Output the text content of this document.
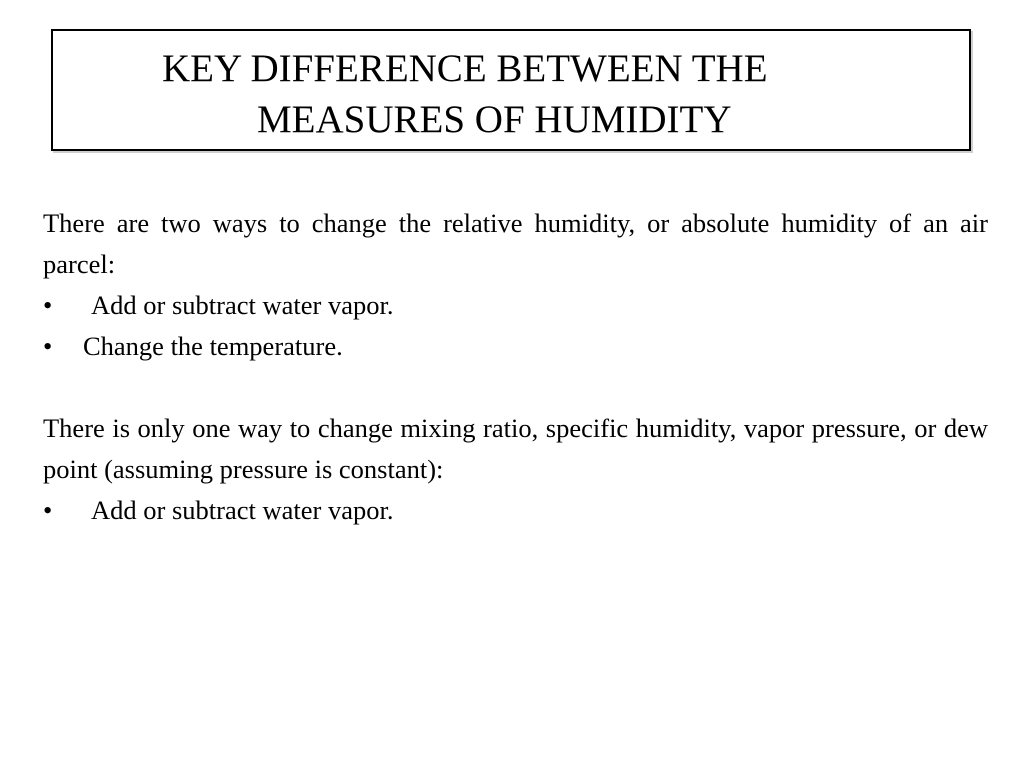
KEY DIFFERENCE BETWEEN THE
MEASURES OF HUMIDITY

There are two ways to change the relative humidity, or absolute humidity of an air parcel:

• Add or subtract water vapor.
• Change the temperature.

There is only one way to change mixing ratio, specific humidity, vapor pressure, or dew point (assuming pressure is constant):

• Add or subtract water vapor.
